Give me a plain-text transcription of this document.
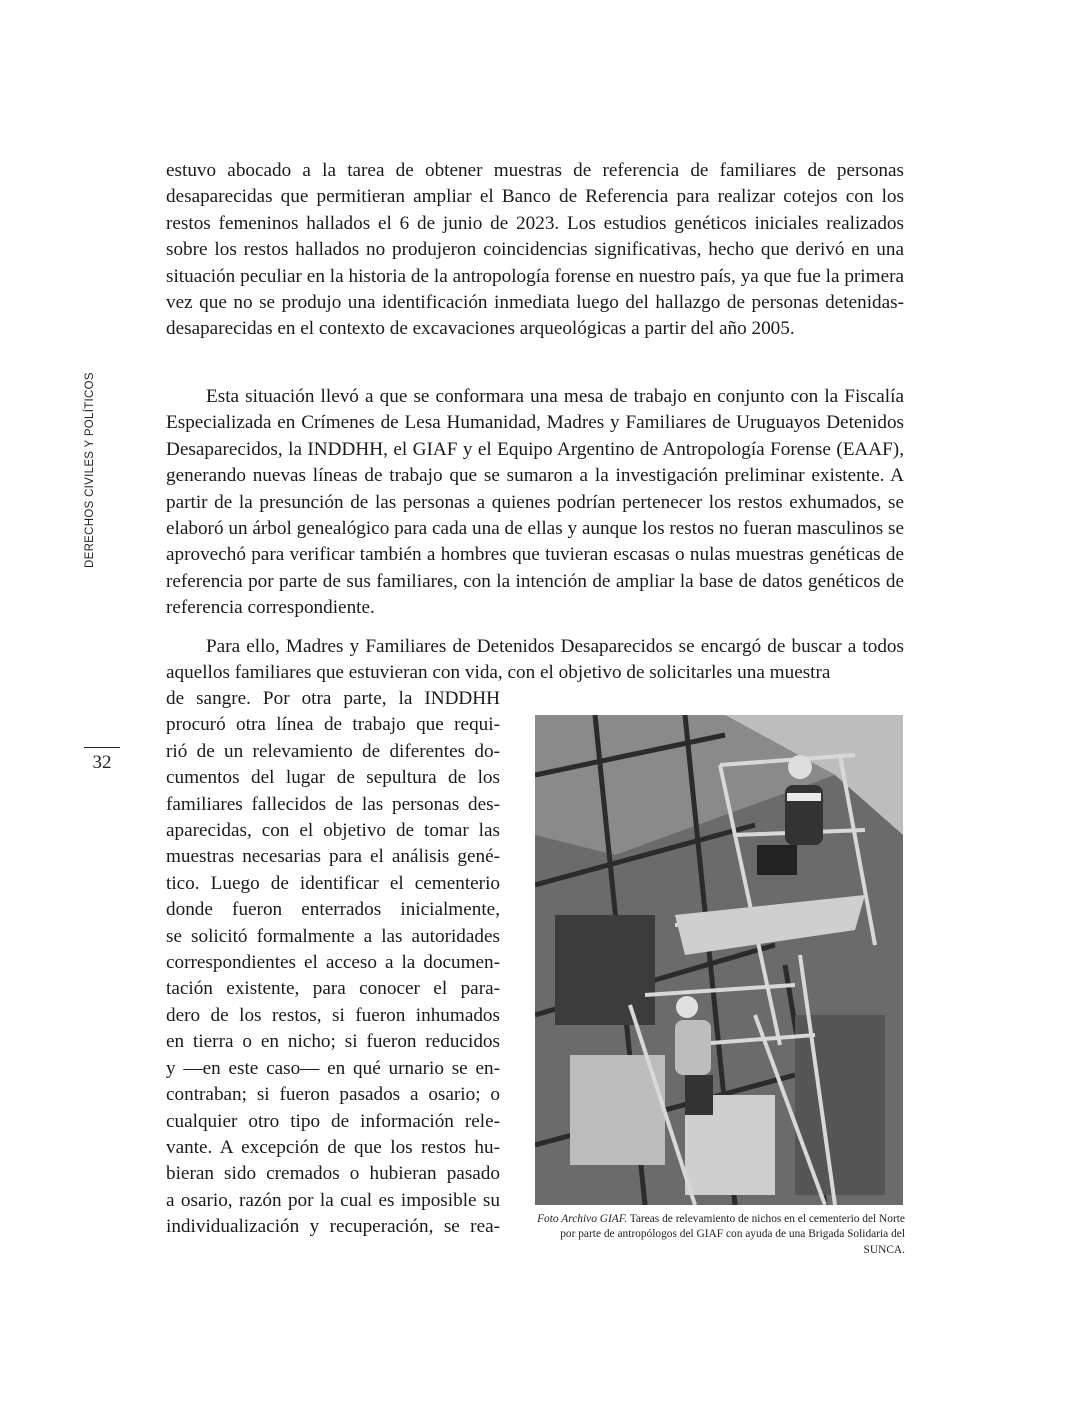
DERECHOS CIVILES Y POLÍTICOS
32

estuvo abocado a la tarea de obtener muestras de referencia de familiares de personas desaparecidas que permitieran ampliar el Banco de Referencia para realizar cotejos con los restos femeninos hallados el 6 de junio de 2023. Los estudios genéticos iniciales realizados sobre los restos hallados no produjeron coincidencias significativas, hecho que derivó en una situación peculiar en la historia de la antropología forense en nuestro país, ya que fue la primera vez que no se produjo una identificación inmediata luego del hallazgo de personas detenidas-desaparecidas en el contexto de excavaciones arqueológicas a partir del año 2005.

Esta situación llevó a que se conformara una mesa de trabajo en conjunto con la Fiscalía Especializada en Crímenes de Lesa Humanidad, Madres y Familiares de Uruguayos Detenidos Desaparecidos, la INDDHH, el GIAF y el Equipo Argentino de Antropología Forense (EAAF), generando nuevas líneas de trabajo que se sumaron a la investigación preliminar existente. A partir de la presunción de las personas a quienes podrían pertenecer los restos exhumados, se elaboró un árbol genealógico para cada una de ellas y aunque los restos no fueran masculinos se aprovechó para verificar también a hombres que tuvieran escasas o nulas muestras genéticas de referencia por parte de sus familiares, con la intención de ampliar la base de datos genéticos de referencia correspondiente.

Para ello, Madres y Familiares de Detenidos Desaparecidos se encargó de buscar a todos aquellos familiares que estuvieran con vida, con el objetivo de solicitarles una muestra

de sangre. Por otra parte, la INDDHH
procuró otra línea de trabajo que requi-
rió de un relevamiento de diferentes do-
cumentos del lugar de sepultura de los
familiares fallecidos de las personas des-
aparecidas, con el objetivo de tomar las
muestras necesarias para el análisis gené-
tico. Luego de identificar el cementerio
donde fueron enterrados inicialmente,
se solicitó formalmente a las autoridades
correspondientes el acceso a la documen-
tación existente, para conocer el para-
dero de los restos, si fueron inhumados
en tierra o en nicho; si fueron reducidos
y —en este caso— en qué urnario se en-
contraban; si fueron pasados a osario; o
cualquier otro tipo de información rele-
vante. A excepción de que los restos hu-
bieran sido cremados o hubieran pasado
a osario, razón por la cual es imposible su
individualización y recuperación, se rea-	Foto Archivo GIAF. Tareas de relevamiento de nichos en el cementerio del Norte por parte de antropólogos del GIAF con ayuda de una Brigada Solidaria del SUNCA.
